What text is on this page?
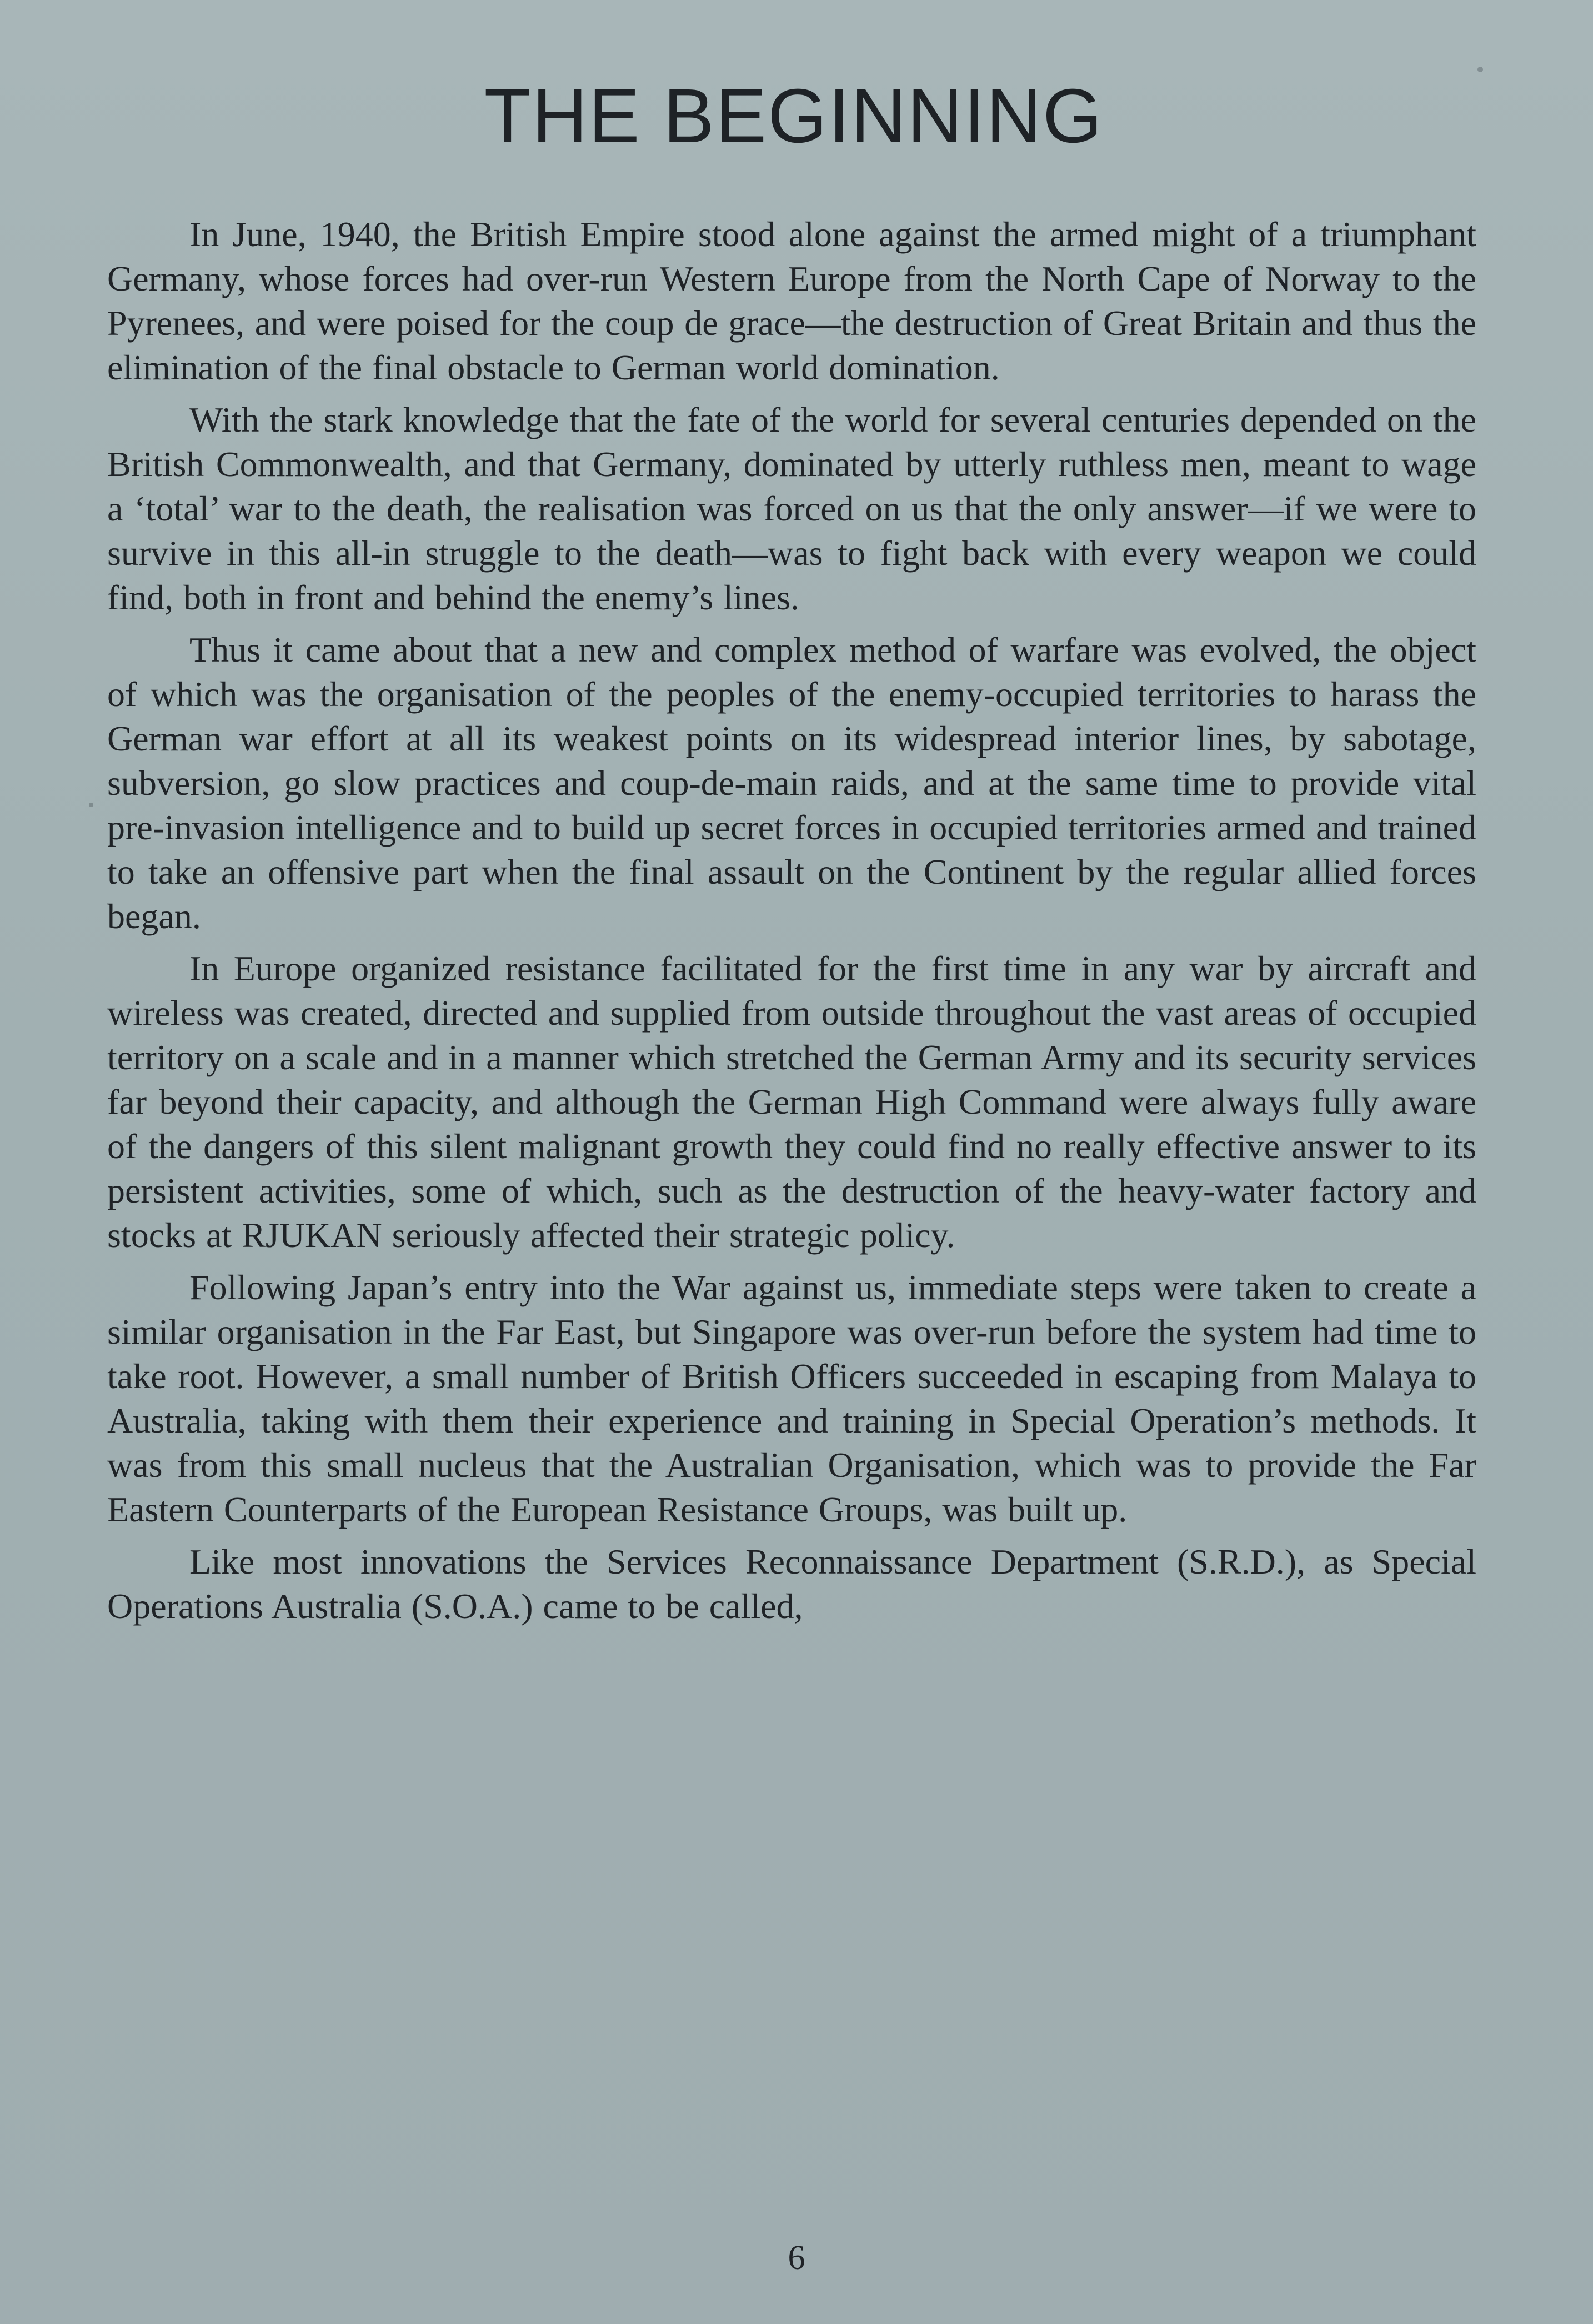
THE BEGINNING

In June, 1940, the British Empire stood alone against the armed might of a triumphant Germany, whose forces had over-run Western Europe from the North Cape of Norway to the Pyrenees, and were poised for the coup de grace—the destruction of Great Britain and thus the elimination of the final obstacle to German world domination.

With the stark knowledge that the fate of the world for several centuries depended on the British Commonwealth, and that Germany, dominated by utterly ruthless men, meant to wage a ‘total’ war to the death, the realisation was forced on us that the only answer—if we were to survive in this all-in struggle to the death—was to fight back with every weapon we could find, both in front and behind the enemy’s lines.

Thus it came about that a new and complex method of warfare was evolved, the object of which was the organisation of the peoples of the enemy-occupied territories to harass the German war effort at all its weakest points on its widespread interior lines, by sabotage, subversion, go slow practices and coup-de-main raids, and at the same time to provide vital pre-invasion intelligence and to build up secret forces in occupied territories armed and trained to take an offensive part when the final assault on the Continent by the regular allied forces began.

In Europe organized resistance facilitated for the first time in any war by aircraft and wireless was created, directed and supplied from outside throughout the vast areas of occupied territory on a scale and in a manner which stretched the German Army and its security services far beyond their capacity, and although the German High Command were always fully aware of the dangers of this silent malignant growth they could find no really effective answer to its persistent activities, some of which, such as the destruction of the heavy-water factory and stocks at RJUKAN seriously affected their strategic policy.

Following Japan’s entry into the War against us, immediate steps were taken to create a similar organisation in the Far East, but Singapore was over-run before the system had time to take root. However, a small number of British Officers succeeded in escaping from Malaya to Australia, taking with them their experience and training in Special Operation’s methods. It was from this small nucleus that the Australian Organisation, which was to provide the Far Eastern Counterparts of the European Resistance Groups, was built up.

Like most innovations the Services Reconnaissance Department (S.R.D.), as Special Operations Australia (S.O.A.) came to be called,

6
